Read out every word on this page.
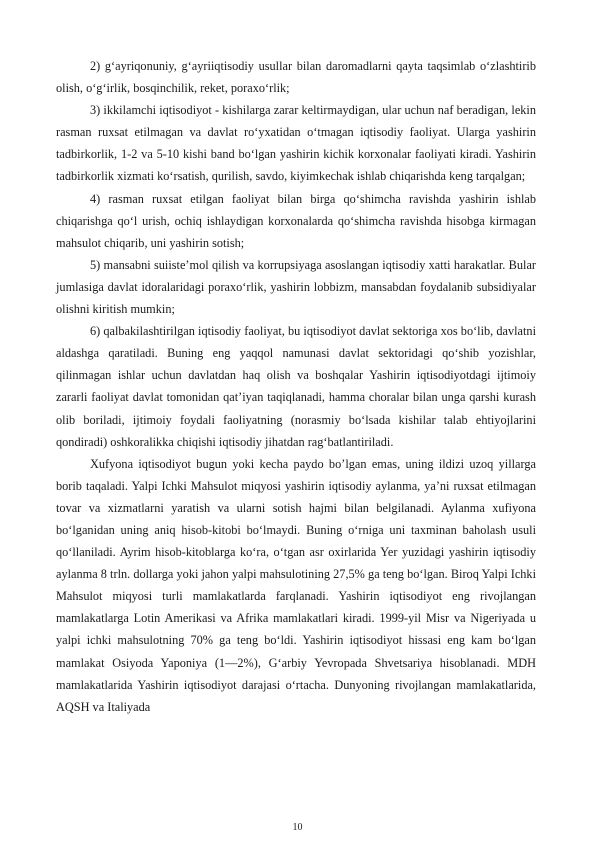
2) g‘ayriqonuniy, g‘ayriiqtisodiy usullar bilan daromadlarni qayta taqsimlab o‘zlashtirib olish, o‘g‘irlik, bosqinchilik, reket, poraxo‘rlik;

3) ikkilamchi iqtisodiyot - kishilarga zarar keltirmaydigan, ular uchun naf beradigan, lekin rasman ruxsat etilmagan va davlat ro‘yxatidan o‘tmagan iqtisodiy faoliyat. Ularga yashirin tadbirkorlik, 1-2 va 5-10 kishi band bo‘lgan yashirin kichik korxonalar faoliyati kiradi. Yashirin tadbirkorlik xizmati ko‘rsatish, qurilish, savdo, kiyimkechak ishlab chiqarishda keng tarqalgan;

4) rasman ruxsat etilgan faoliyat bilan birga qo‘shimcha ravishda yashirin ishlab chiqarishga qo‘l urish, ochiq ishlaydigan korxonalarda qo‘shimcha ravishda hisobga kirmagan mahsulot chiqarib, uni yashirin sotish;

5) mansabni suiiste’mol qilish va korrupsiyaga asoslangan iqtisodiy xatti harakatlar. Bular jumlasiga davlat idoralaridagi poraxo‘rlik, yashirin lobbizm, mansabdan foydalanib subsidiyalar olishni kiritish mumkin;

6) qalbakilashtirilgan iqtisodiy faoliyat, bu iqtisodiyot davlat sektoriga xos bo‘lib, davlatni aldashga qaratiladi. Buning eng yaqqol namunasi davlat sektoridagi qo‘shib yozishlar, qilinmagan ishlar uchun davlatdan haq olish va boshqalar Yashirin iqtisodiyotdagi ijtimoiy zararli faoliyat davlat tomonidan qat’iyan taqiqlanadi, hamma choralar bilan unga qarshi kurash olib boriladi, ijtimoiy foydali faoliyatning (norasmiy bo‘lsada kishilar talab ehtiyojlarini qondiradi) oshkoralikka chiqishi iqtisodiy jihatdan rag‘batlantiriladi.

Xufyona iqtisodiyot bugun yoki kecha paydo bo’lgan emas, uning ildizi uzoq yillarga borib taqaladi. Yalpi Ichki Mahsulot miqyosi yashirin iqtisodiy aylanma, ya’ni ruxsat etilmagan tovar va xizmatlarni yaratish va ularni sotish hajmi bilan belgilanadi. Aylanma xufiyona bo‘lganidan uning aniq hisob-kitobi bo‘lmaydi. Buning o‘rniga uni taxminan baholash usuli qo‘llaniladi. Ayrim hisob-kitoblarga ko‘ra, o‘tgan asr oxirlarida Yer yuzidagi yashirin iqtisodiy aylanma 8 trln. dollarga yoki jahon yalpi mahsulotining 27,5% ga teng bo‘lgan. Biroq Yalpi Ichki Mahsulot miqyosi turli mamlakatlarda farqlanadi. Yashirin iqtisodiyot eng rivojlangan mamlakatlarga Lotin Amerikasi va Afrika mamlakatlari kiradi. 1999-yil Misr va Nigeriyada u yalpi ichki mahsulotning 70% ga teng bo‘ldi. Yashirin iqtisodiyot hissasi eng kam bo‘lgan mamlakat Osiyoda Yaponiya (1—2%), G‘arbiy Yevropada Shvetsariya hisoblanadi. MDH mamlakatlarida Yashirin iqtisodiyot darajasi o‘rtacha. Dunyoning rivojlangan mamlakatlarida, AQSH va Italiyada

10
